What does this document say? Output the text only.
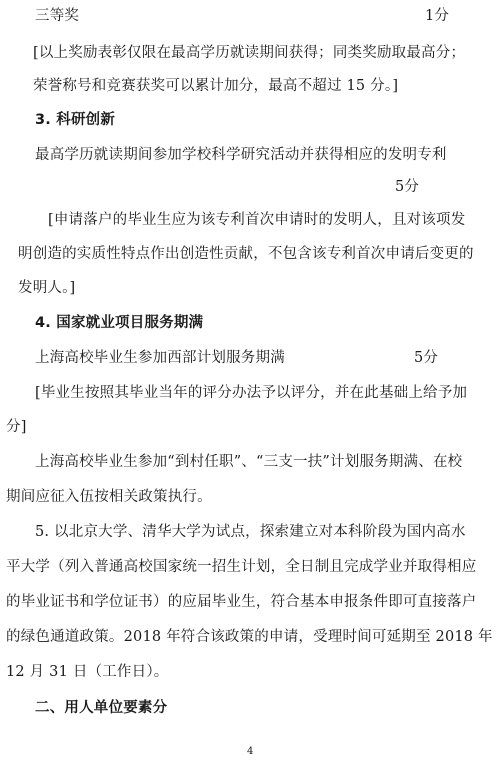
三等奖	1分
[以上奖励表彰仅限在最高学历就读期间获得；同类奖励取最高分；
荣誉称号和竞赛获奖可以累计加分，最高不超过 15 分。]
3. 科研创新
最高学历就读期间参加学校科学研究活动并获得相应的发明专利
5分
[申请落户的毕业生应为该专利首次申请时的发明人，且对该项发
明创造的实质性特点作出创造性贡献，不包含该专利首次申请后变更的
发明人。]
4. 国家就业项目服务期满
上海高校毕业生参加西部计划服务期满	5分
[毕业生按照其毕业当年的评分办法予以评分，并在此基础上给予加
分]
上海高校毕业生参加“到村任职”、“三支一扶”计划服务期满、在校
期间应征入伍按相关政策执行。
5. 以北京大学、清华大学为试点，探索建立对本科阶段为国内高水
平大学（列入普通高校国家统一招生计划，全日制且完成学业并取得相应
的毕业证书和学位证书）的应届毕业生，符合基本申报条件即可直接落户
的绿色通道政策。2018 年符合该政策的申请，受理时间可延期至 2018 年
12 月 31 日（工作日）。
二、用人单位要素分
4
